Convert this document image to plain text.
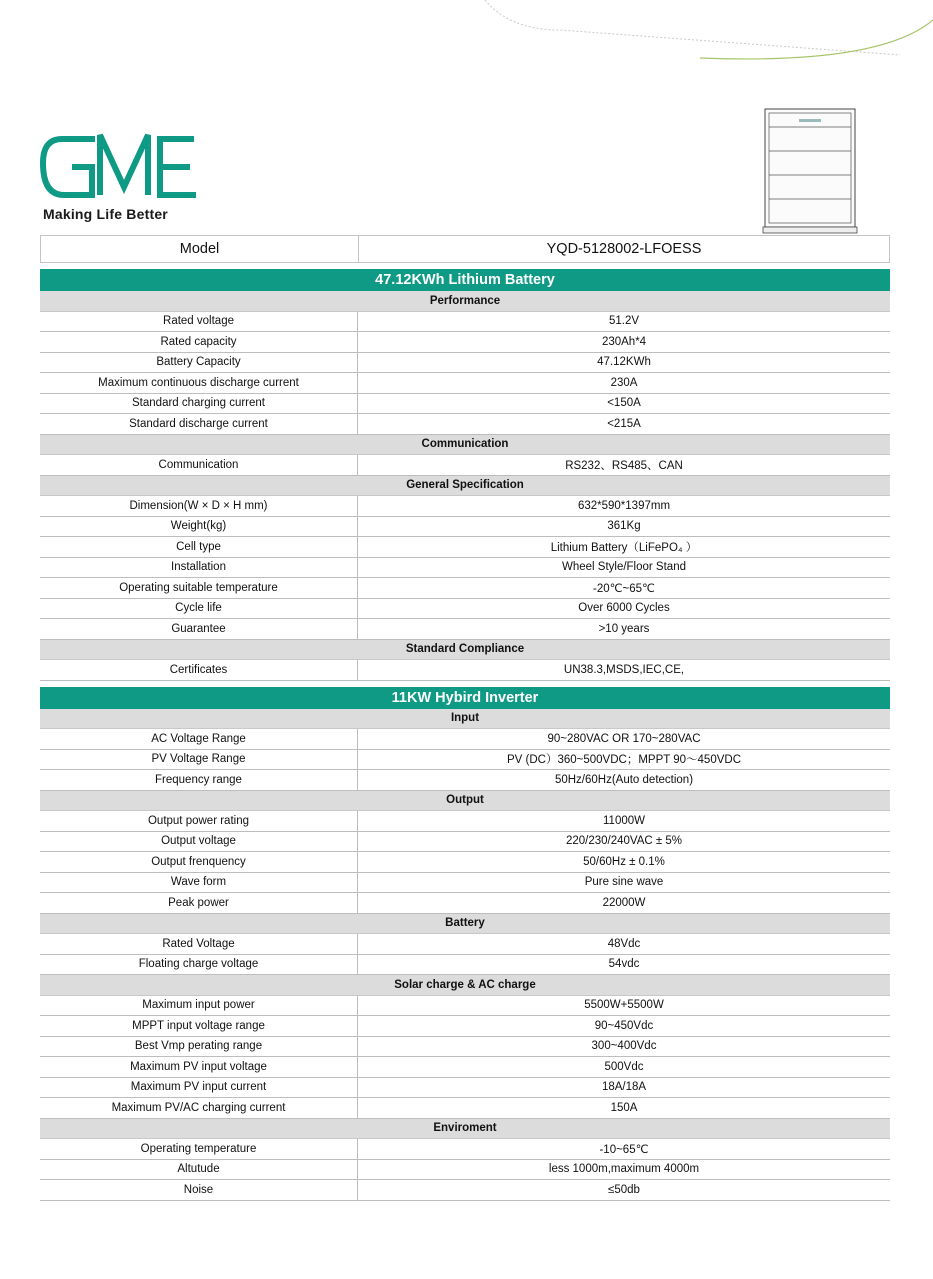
Making Life Better
Model	YQD-5128002-LFOESS
47.12KWh Lithium Battery
Performance
Rated voltage	51.2V
Rated capacity	230Ah*4
Battery Capacity	47.12KWh
Maximum continuous discharge current	230A
Standard charging current	<150A
Standard discharge current	<215A
Communication
Communication	RS232、RS485、CAN
General Specification
Dimension(W × D × H mm)	632*590*1397mm
Weight(kg)	361Kg
Cell type	Lithium Battery（LiFePO₄ ）
Installation	Wheel Style/Floor Stand
Operating suitable temperature	-20℃~65℃
Cycle life	Over 6000 Cycles
Guarantee	>10 years
Standard Compliance
Certificates	UN38.3,MSDS,IEC,CE,
11KW Hybird Inverter
Input
AC Voltage Range	90~280VAC OR 170~280VAC
PV Voltage Range	PV (DC）360~500VDC；MPPT 90～450VDC
Frequency range	50Hz/60Hz(Auto detection)
Output
Output power rating	11000W
Output voltage	220/230/240VAC ± 5%
Output frenquency	50/60Hz ± 0.1%
Wave form	Pure sine wave
Peak power	22000W
Battery
Rated Voltage	48Vdc
Floating charge voltage	54vdc
Solar charge & AC charge
Maximum input power	5500W+5500W
MPPT input voltage range	90~450Vdc
Best Vmp perating range	300~400Vdc
Maximum PV input voltage	500Vdc
Maximum PV input current	18A/18A
Maximum PV/AC charging current	150A
Enviroment
Operating temperature	-10~65℃
Altutude	less 1000m,maximum 4000m
Noise	≤50db
